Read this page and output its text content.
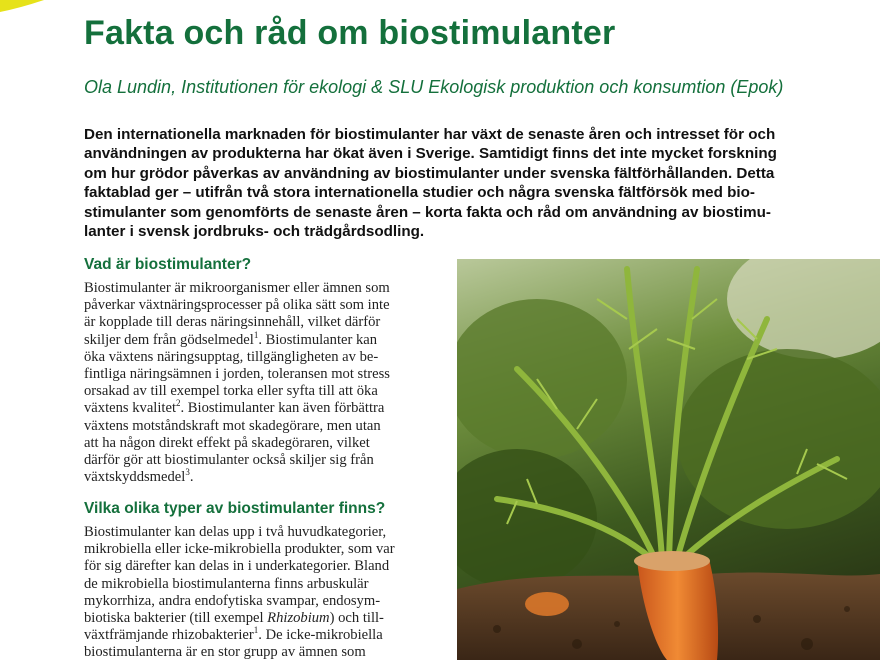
Fakta och råd om biostimulanter

Ola Lundin, Institutionen för ekologi & SLU Ekologisk produktion och konsumtion (Epok)

Den internationella marknaden för biostimulanter har växt de senaste åren och intresset för och
användningen av produkterna har ökat även i Sverige. Samtidigt finns det inte mycket forskning
om hur grödor påverkas av användning av biostimulanter under svenska fältförhållanden. Detta
faktablad ger – utifrån två stora internationella studier och några svenska fältförsök med bio-
stimulanter som genomförts de senaste åren – korta fakta och råd om användning av biostimu-
lanter i svensk jordbruks- och trädgårdsodling.
Vad är biostimulanter?

Biostimulanter är mikroorganismer eller ämnen som
påverkar växtnäringsprocesser på olika sätt som inte
är kopplade till deras näringsinnehåll, vilket därför
skiljer dem från gödselmedel$^1$. Biostimulanter kan
öka växtens näringsupptag, tillgängligheten av be-
fintliga näringsämnen i jorden, toleransen mot stress
orsakad av till exempel torka eller syfta till att öka
växtens kvalitet$^2$. Biostimulanter kan även förbättra
växtens motståndskraft mot skadegörare, men utan
att ha någon direkt effekt på skadegöraren, vilket
därför gör att biostimulanter också skiljer sig från
växtskyddsmedel$^3$.

Vilka olika typer av biostimulanter finns?

Biostimulanter kan delas upp i två huvudkategorier,
mikrobiella eller icke-mikrobiella produkter, som var
för sig därefter kan delas in i underkategorier. Bland
de mikrobiella biostimulanterna finns arbuskulär
mykorrhiza, andra endofytiska svampar, endosym-
biotiska bakterier (till exempel Rhizobium) och till-
växtfrämjande rhizobakterier$^1$. De icke-mikrobiella
biostimulanterna är en stor grupp av ämnen som
